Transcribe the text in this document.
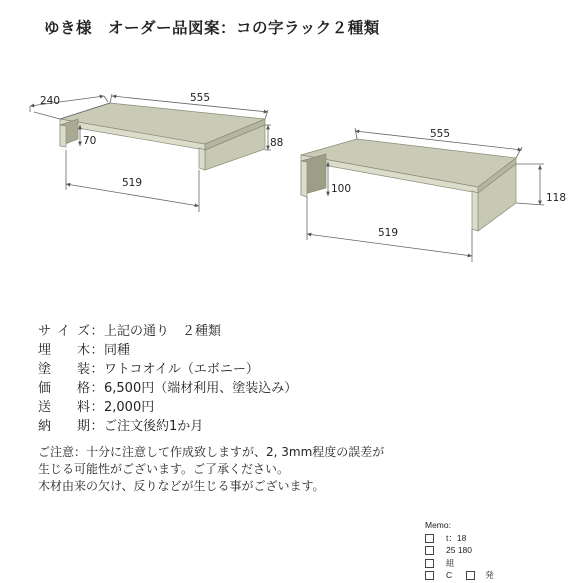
ゆき様　オーダー品図案：コの字ラック２種類
240	555
70	88
519
555
100
118
519
サイズ ： 上記の通り　２種類
埋木 ： 同種
塗装 ： ワトコオイル（エボニー）
価格 ： 6,500円（端材利用、塗装込み）
送料 ： 2,000円
納期 ： ご注文後約1か月
ご注意：十分に注意して作成致しますが、2, 3mm程度の誤差が
生じる可能性がございます。ご了承ください。
木材由来の欠け、反りなどが生じる事がございます。
Memo:
t：18
25 180
組
C	発
